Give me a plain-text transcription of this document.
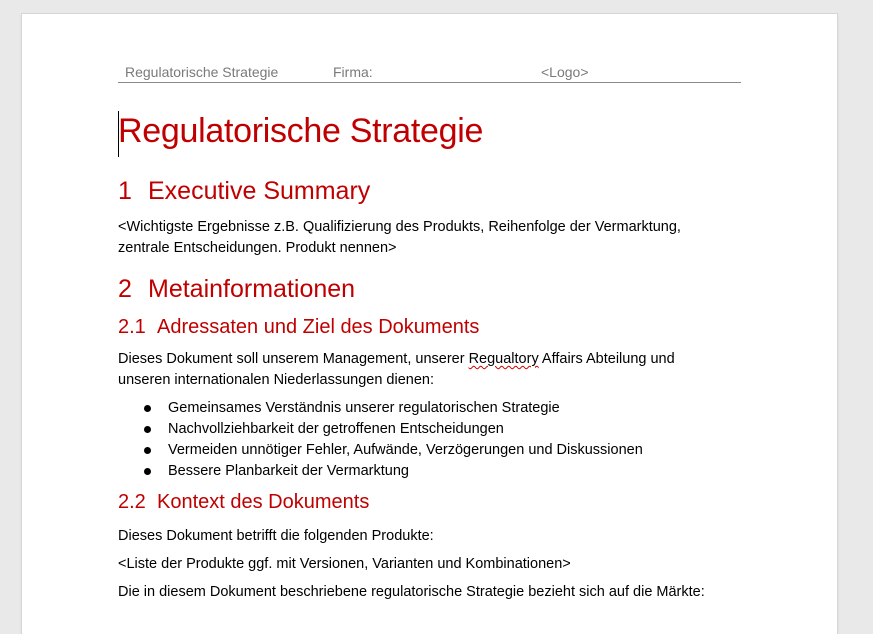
Regulatorische Strategie	Firma:	<Logo>
Regulatorische Strategie
1 Executive Summary
<Wichtigste Ergebnisse z.B. Qualifizierung des Produkts, Reihenfolge der Vermarktung,
zentrale Entscheidungen. Produkt nennen>
2 Metainformationen
2.1 Adressaten und Ziel des Dokuments
Dieses Dokument soll unserem Management, unserer Regualtory Affairs Abteilung und
unseren internationalen Niederlassungen dienen:
Gemeinsames Verständnis unserer regulatorischen Strategie
Nachvollziehbarkeit der getroffenen Entscheidungen
Vermeiden unnötiger Fehler, Aufwände, Verzögerungen und Diskussionen
Bessere Planbarkeit der Vermarktung
2.2 Kontext des Dokuments
Dieses Dokument betrifft die folgenden Produkte:
<Liste der Produkte ggf. mit Versionen, Varianten und Kombinationen>
Die in diesem Dokument beschriebene regulatorische Strategie bezieht sich auf die Märkte:
